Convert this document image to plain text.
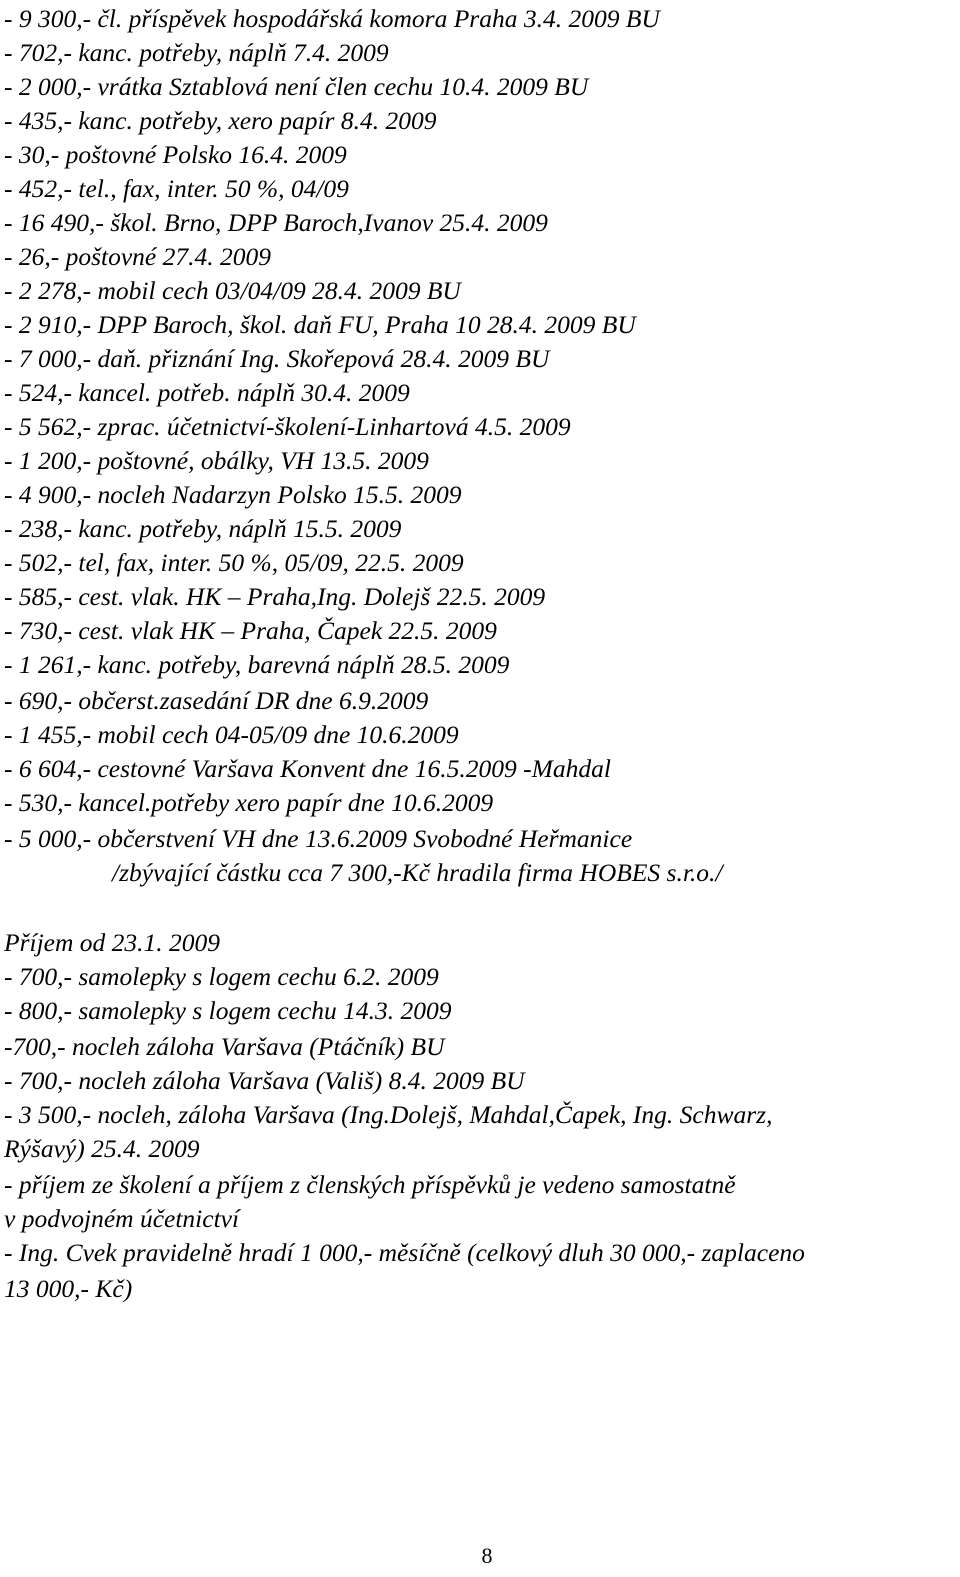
- 9 300,- čl. příspěvek hospodářská komora Praha 3.4. 2009 BU
- 702,- kanc. potřeby, náplň 7.4. 2009
- 2 000,- vrátka Sztablová není člen cechu 10.4. 2009 BU
- 435,- kanc. potřeby, xero papír 8.4. 2009
- 30,- poštovné Polsko 16.4. 2009
- 452,- tel., fax, inter. 50 %, 04/09
- 16 490,- škol. Brno, DPP Baroch,Ivanov 25.4. 2009
- 26,- poštovné 27.4. 2009
- 2 278,- mobil cech 03/04/09 28.4. 2009 BU
- 2 910,- DPP Baroch, škol. daň FU, Praha 10 28.4. 2009 BU
- 7 000,- daň. přiznání Ing. Skořepová 28.4. 2009 BU
- 524,- kancel. potřeb. náplň 30.4. 2009
- 5 562,- zprac. účetnictví-školení-Linhartová 4.5. 2009
- 1 200,- poštovné, obálky, VH 13.5. 2009
- 4 900,- nocleh Nadarzyn Polsko 15.5. 2009
- 238,- kanc. potřeby, náplň 15.5. 2009
- 502,- tel, fax, inter. 50 %, 05/09, 22.5. 2009
- 585,- cest. vlak. HK – Praha,Ing. Dolejš 22.5. 2009
- 730,- cest. vlak HK – Praha, Čapek 22.5. 2009
- 1 261,- kanc. potřeby, barevná náplň 28.5. 2009
- 690,- občerst.zasedání DR dne 6.9.2009
- 1 455,- mobil cech 04-05/09 dne 10.6.2009
- 6 604,- cestovné Varšava Konvent dne 16.5.2009 -Mahdal
- 530,- kancel.potřeby xero papír dne 10.6.2009
- 5 000,- občerstvení VH dne 13.6.2009 Svobodné Heřmanice
/zbývající částku cca 7 300,-Kč hradila firma HOBES s.r.o./
Příjem od 23.1. 2009
- 700,- samolepky s logem cechu 6.2. 2009
- 800,- samolepky s logem cechu 14.3. 2009
-700,- nocleh záloha Varšava (Ptáčník) BU
- 700,- nocleh záloha Varšava (Vališ) 8.4. 2009 BU
- 3 500,- nocleh, záloha Varšava (Ing.Dolejš, Mahdal,Čapek, Ing. Schwarz,
Rýšavý) 25.4. 2009
- příjem ze školení a příjem z členských příspěvků je vedeno samostatně
v podvojném účetnictví
- Ing. Cvek pravidelně hradí 1 000,- měsíčně (celkový dluh 30 000,- zaplaceno
13 000,- Kč)
8
